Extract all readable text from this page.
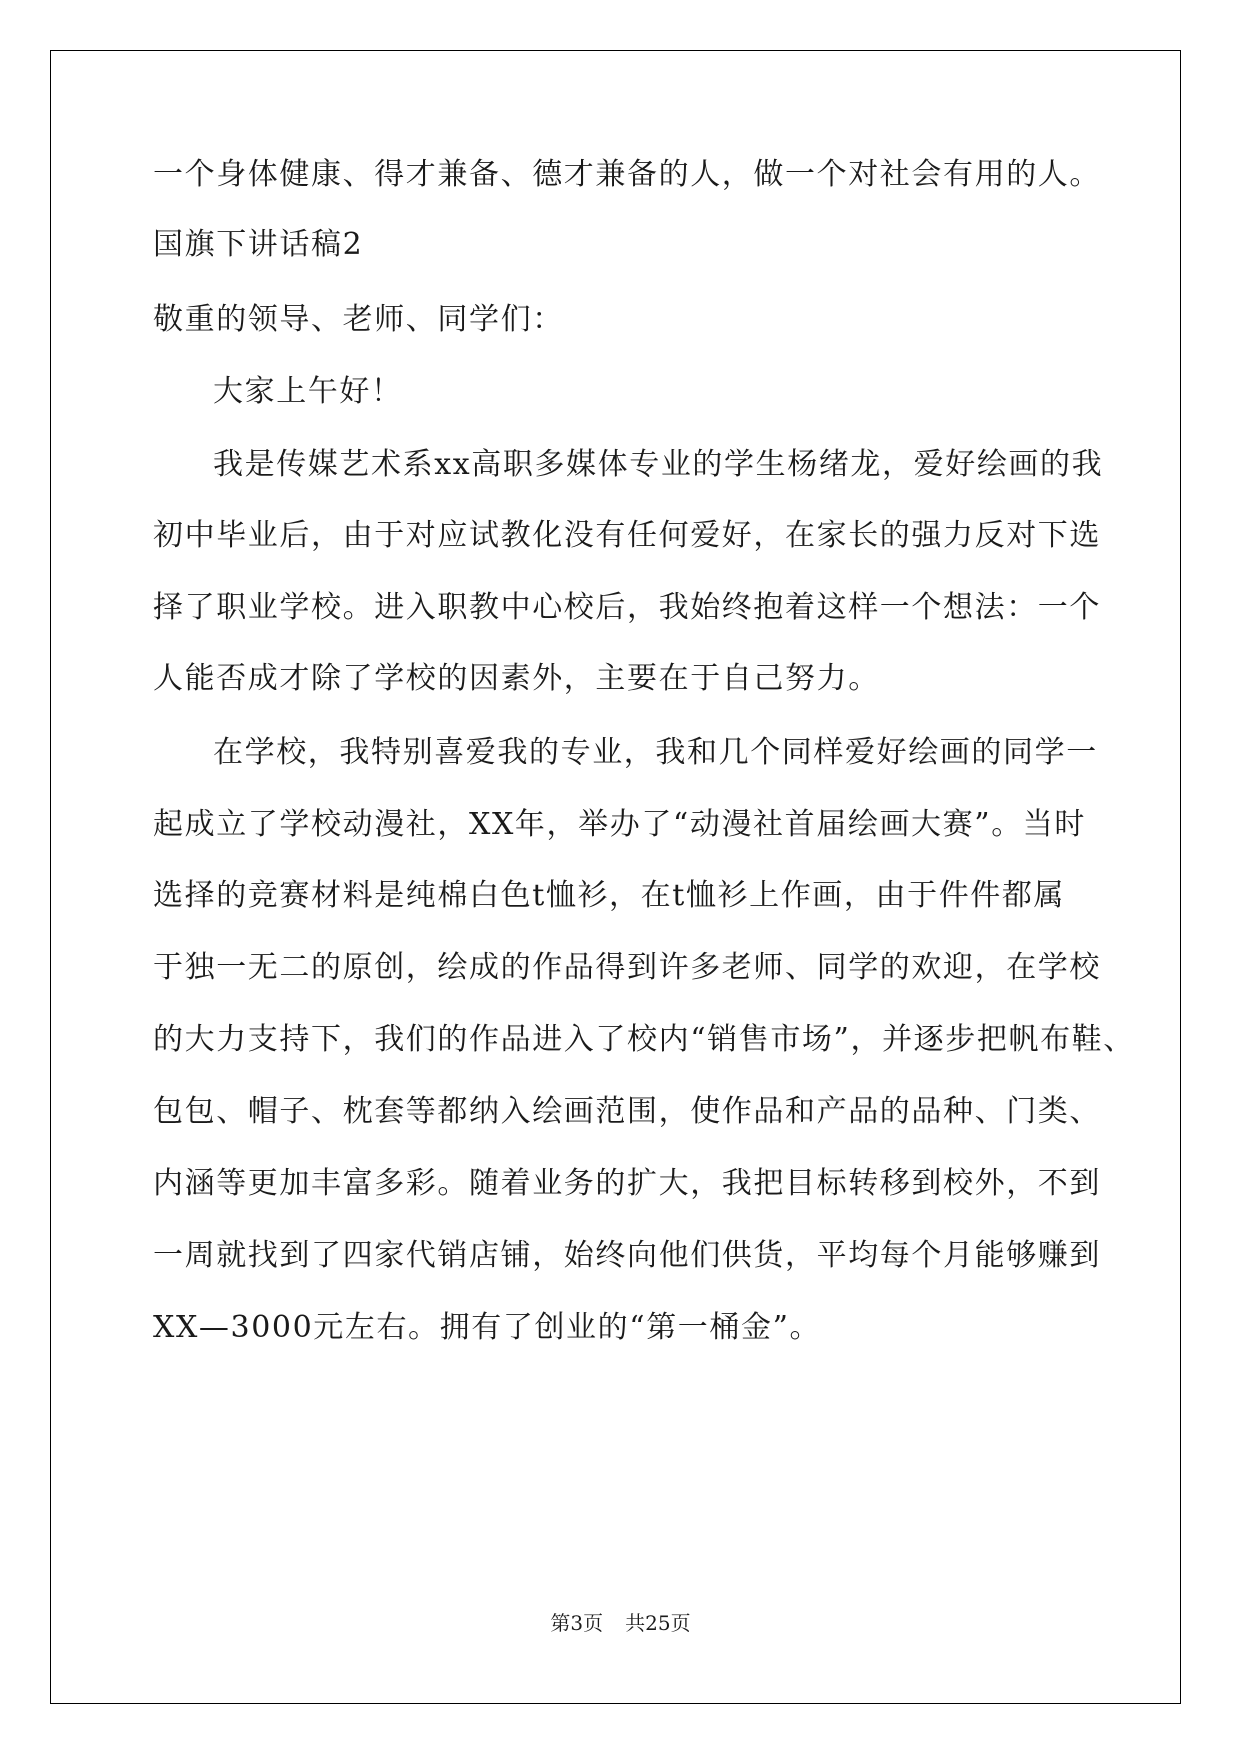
一个身体健康、得才兼备、德才兼备的人，做一个对社会有用的人。
国旗下讲话稿2
敬重的领导、老师、同学们：
大家上午好！
我是传媒艺术系xx高职多媒体专业的学生杨绪龙，爱好绘画的我
初中毕业后，由于对应试教化没有任何爱好，在家长的强力反对下选
择了职业学校。进入职教中心校后，我始终抱着这样一个想法：一个
人能否成才除了学校的因素外，主要在于自己努力。
在学校，我特别喜爱我的专业，我和几个同样爱好绘画的同学一
起成立了学校动漫社，XX年，举办了“动漫社首届绘画大赛”。当时
选择的竞赛材料是纯棉白色t恤衫，在t恤衫上作画，由于件件都属
于独一无二的原创，绘成的作品得到许多老师、同学的欢迎，在学校
的大力支持下，我们的作品进入了校内“销售市场”，并逐步把帆布鞋、
包包、帽子、枕套等都纳入绘画范围，使作品和产品的品种、门类、
内涵等更加丰富多彩。随着业务的扩大，我把目标转移到校外，不到
一周就找到了四家代销店铺，始终向他们供货，平均每个月能够赚到
XX—3000元左右。拥有了创业的“第一桶金”。
第3页 共25页
